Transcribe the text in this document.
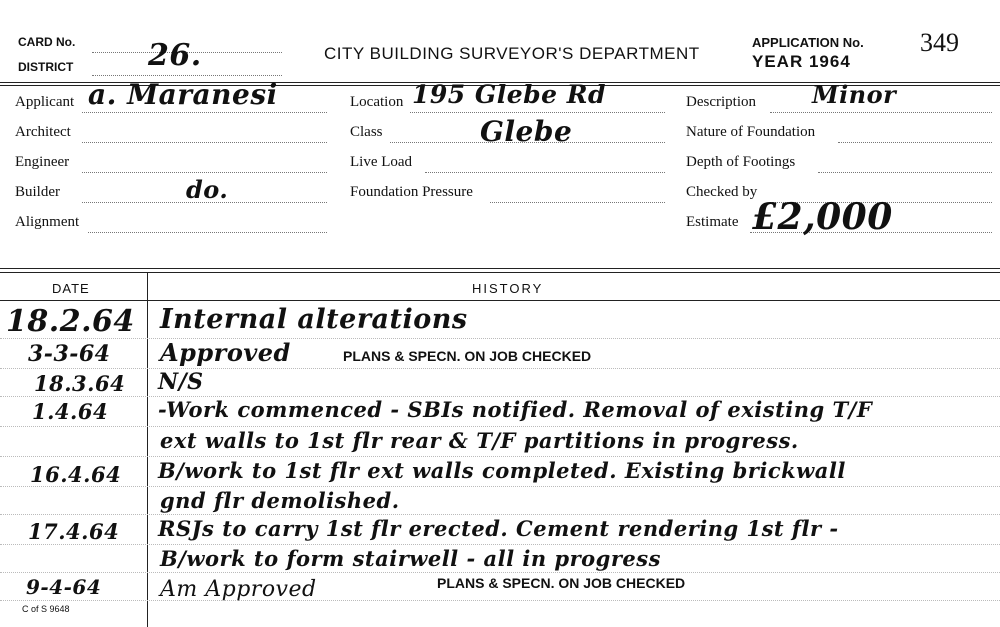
CARD No.
DISTRICT 26.	CITY BUILDING SURVEYOR'S DEPARTMENT
APPLICATION No. 349
YEAR 1964
Applicant a. Maranesi
Architect
Engineer
Builder	do.
Alignment
Location 195 Glebe Rd
Class	Glebe
Live Load
Foundation Pressure
Description Minor
Nature of Foundation
Depth of Footings
Checked by
Estimate £2,000
DATE	HISTORY
18.2.64 Internal alterations
3-3-64 Approved	PLANS & SPECN. ON JOB CHECKED
18.3.64 N/S
1.4.64 -Work commenced - SBIs notified. Removal of existing T/F
ext walls to 1st flr rear & T/F partitions in progress.
16.4.64 B/work to 1st flr ext walls completed. Existing brickwall
gnd flr demolished.
17.4.64 RSJs to carry 1st flr erected. Cement rendering 1st flr -
B/work to form stairwell - all in progress
9-4-64	Am Approved	PLANS & SPECN. ON JOB CHECKED
C of S 9648
